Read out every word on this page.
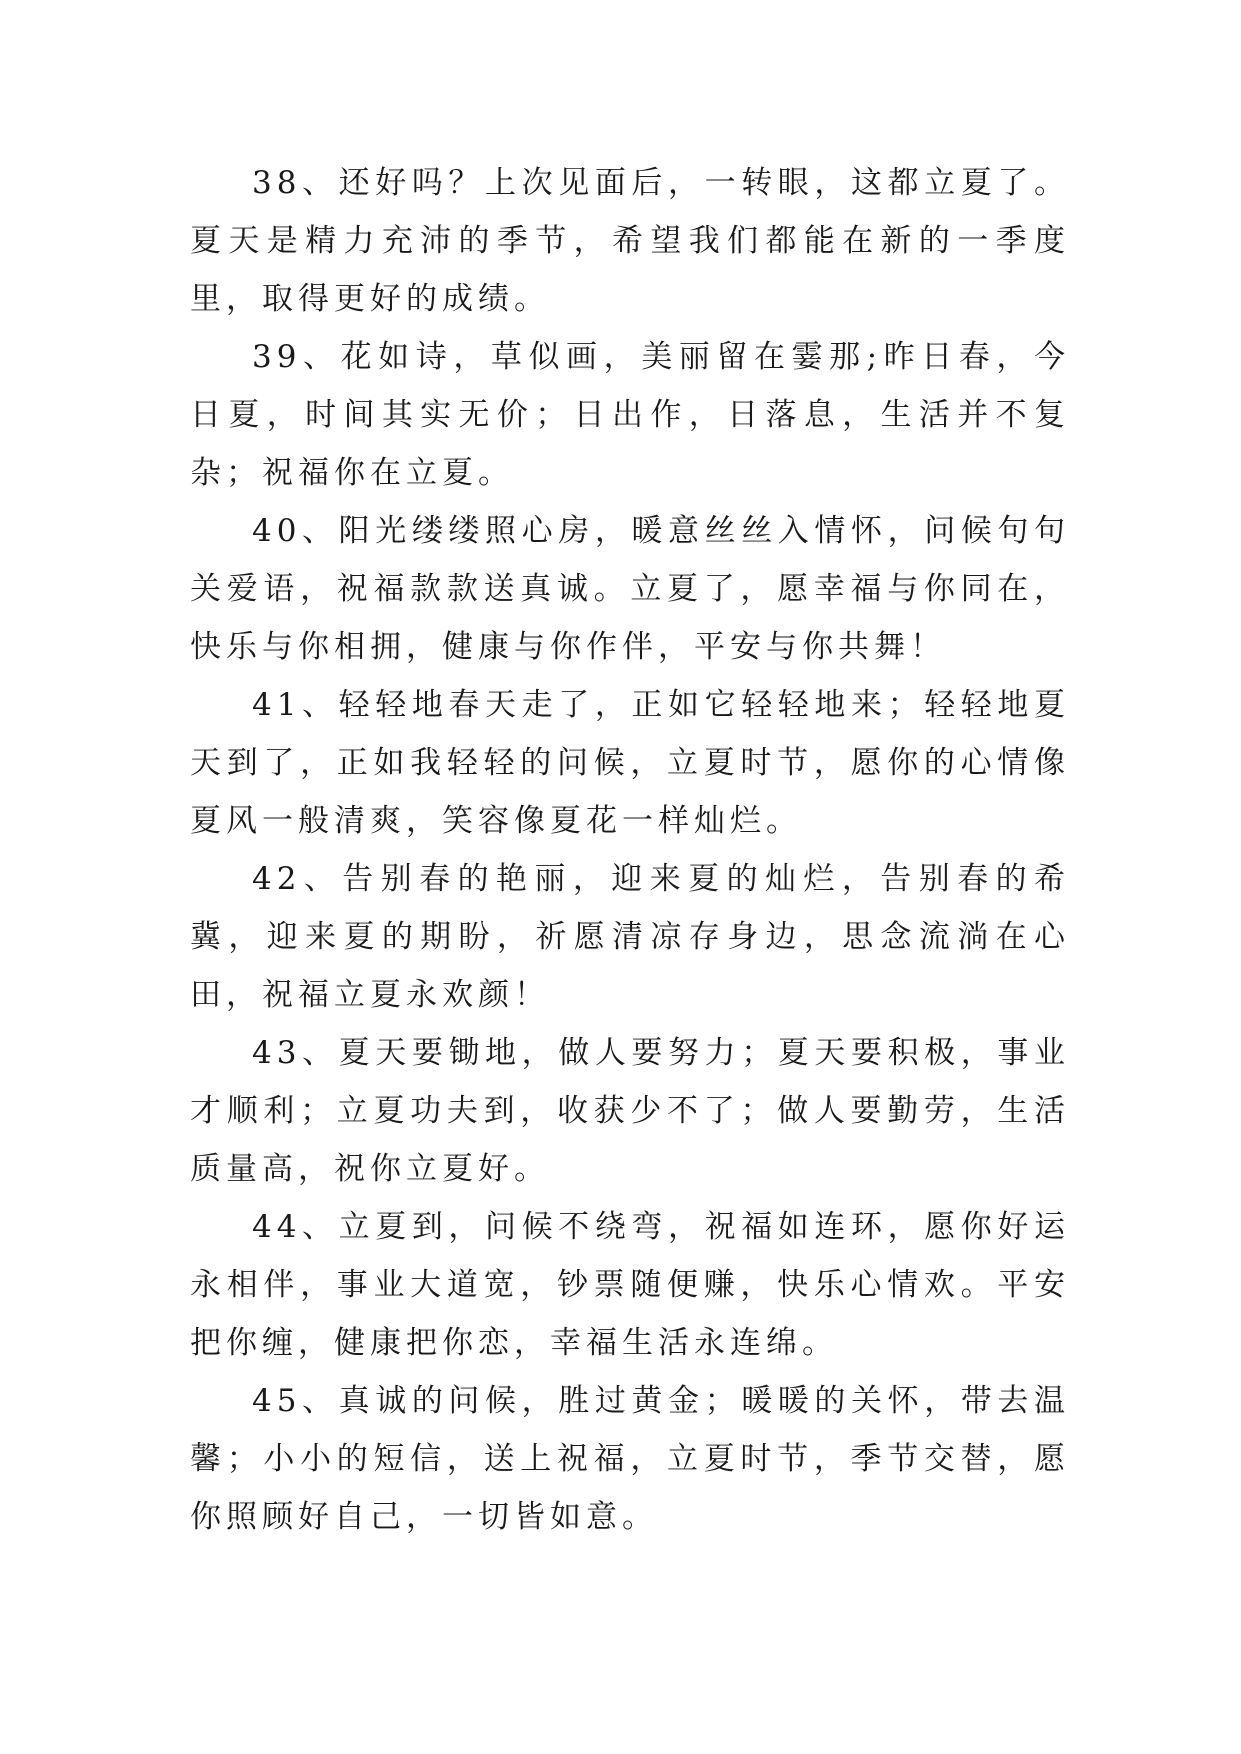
38、还好吗？上次见面后，一转眼，这都立夏了。夏天是精力充沛的季节，希望我们都能在新的一季度里，取得更好的成绩。

39、花如诗，草似画，美丽留在霎那;昨日春，今日夏，时间其实无价；日出作，日落息，生活并不复杂；祝福你在立夏。

40、阳光缕缕照心房，暖意丝丝入情怀，问候句句关爱语，祝福款款送真诚。立夏了，愿幸福与你同在，快乐与你相拥，健康与你作伴，平安与你共舞！

41、轻轻地春天走了，正如它轻轻地来；轻轻地夏天到了，正如我轻轻的问候，立夏时节，愿你的心情像夏风一般清爽，笑容像夏花一样灿烂。

42、告别春的艳丽，迎来夏的灿烂，告别春的希冀，迎来夏的期盼，祈愿清凉存身边，思念流淌在心田，祝福立夏永欢颜！

43、夏天要锄地，做人要努力；夏天要积极，事业才顺利；立夏功夫到，收获少不了；做人要勤劳，生活质量高，祝你立夏好。

44、立夏到，问候不绕弯，祝福如连环，愿你好运永相伴，事业大道宽，钞票随便赚，快乐心情欢。平安把你缠，健康把你恋，幸福生活永连绵。

45、真诚的问候，胜过黄金；暖暖的关怀，带去温馨；小小的短信，送上祝福，立夏时节，季节交替，愿你照顾好自己，一切皆如意。
